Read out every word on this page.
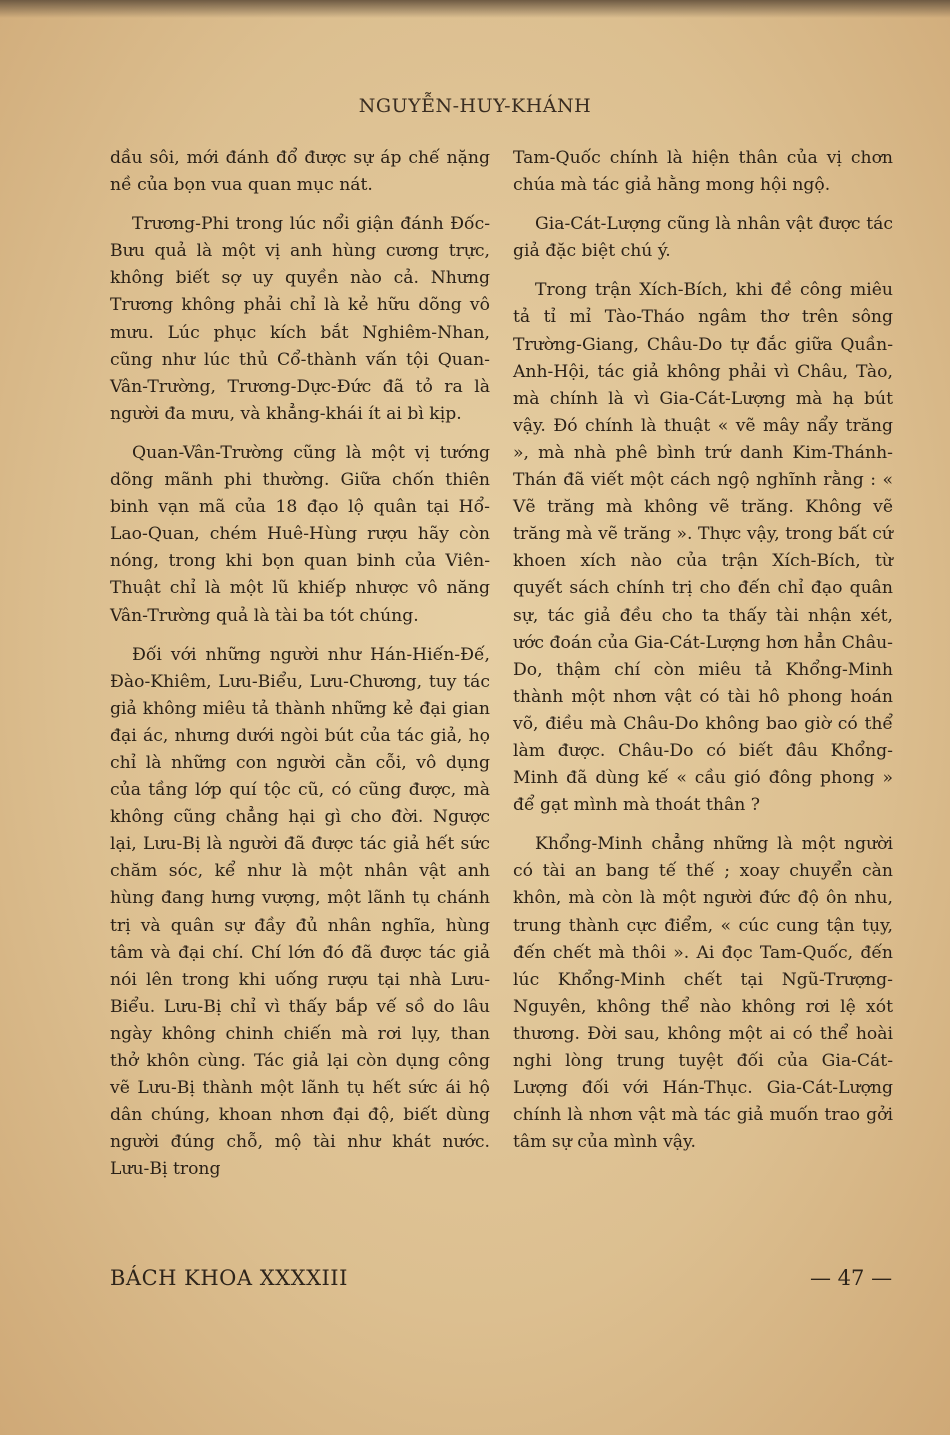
NGUYỄN-HUY-KHÁNH

dầu sôi, mới đánh đổ được sự áp chế nặng nề của bọn vua quan mục nát.

Trương-Phi trong lúc nổi giận đánh Đốc-Bưu quả là một vị anh hùng cương trực, không biết sợ uy quyền nào cả. Nhưng Trương không phải chỉ là kẻ hữu dõng vô mưu. Lúc phục kích bắt Nghiêm-Nhan, cũng như lúc thủ Cổ-thành vấn tội Quan-Vân-Trường, Trương-Dực-Đức đã tỏ ra là người đa mưu, và khẳng-khái ít ai bì kịp.

Quan-Vân-Trường cũng là một vị tướng dõng mãnh phi thường. Giữa chốn thiên binh vạn mã của 18 đạo lộ quân tại Hổ-Lao-Quan, chém Huê-Hùng rượu hãy còn nóng, trong khi bọn quan binh của Viên-Thuật chỉ là một lũ khiếp nhược vô năng Vân-Trường quả là tài ba tót chúng.

Đối với những người như Hán-Hiến-Đế, Đào-Khiêm, Lưu-Biểu, Lưu-Chương, tuy tác giả không miêu tả thành những kẻ đại gian đại ác, nhưng dưới ngòi bút của tác giả, họ chỉ là những con người cằn cỗi, vô dụng của tầng lớp quí tộc cũ, có cũng được, mà không cũng chẳng hại gì cho đời. Ngược lại, Lưu-Bị là người đã được tác giả hết sức chăm sóc, kể như là một nhân vật anh hùng đang hưng vượng, một lãnh tụ chánh trị và quân sự đầy đủ nhân nghĩa, hùng tâm và đại chí. Chí lớn đó đã được tác giả nói lên trong khi uống rượu tại nhà Lưu-Biểu. Lưu-Bị chỉ vì thấy bắp vế sồ do lâu ngày không chinh chiến mà rơi lụy, than thở khôn cùng. Tác giả lại còn dụng công vẽ Lưu-Bị thành một lãnh tụ hết sức ái hộ dân chúng, khoan nhơn đại độ, biết dùng người đúng chỗ, mộ tài như khát nước. Lưu-Bị trong

Tam-Quốc chính là hiện thân của vị chơn chúa mà tác giả hằng mong hội ngộ.

Gia-Cát-Lượng cũng là nhân vật được tác giả đặc biệt chú ý.

Trong trận Xích-Bích, khi đề công miêu tả tỉ mỉ Tào-Tháo ngâm thơ trên sông Trường-Giang, Châu-Do tự đắc giữa Quần-Anh-Hội, tác giả không phải vì Châu, Tào, mà chính là vì Gia-Cát-Lượng mà hạ bút vậy. Đó chính là thuật « vẽ mây nẩy trăng », mà nhà phê bình trứ danh Kim-Thánh-Thán đã viết một cách ngộ nghĩnh rằng : « Vẽ trăng mà không vẽ trăng. Không vẽ trăng mà vẽ trăng ». Thực vậy, trong bất cứ khoen xích nào của trận Xích-Bích, từ quyết sách chính trị cho đến chỉ đạo quân sự, tác giả đều cho ta thấy tài nhận xét, ước đoán của Gia-Cát-Lượng hơn hẳn Châu-Do, thậm chí còn miêu tả Khổng-Minh thành một nhơn vật có tài hô phong hoán võ, điều mà Châu-Do không bao giờ có thể làm được. Châu-Do có biết đâu Khổng-Minh đã dùng kế « cầu gió đông phong » để gạt mình mà thoát thân ?

Khổng-Minh chẳng những là một người có tài an bang tế thế ; xoay chuyển càn khôn, mà còn là một người đức độ ôn nhu, trung thành cực điểm, « cúc cung tận tụy, đến chết mà thôi ». Ai đọc Tam-Quốc, đến lúc Khổng-Minh chết tại Ngũ-Trượng-Nguyên, không thể nào không rơi lệ xót thương. Đời sau, không một ai có thể hoài nghi lòng trung tuyệt đối của Gia-Cát-Lượng đối với Hán-Thục. Gia-Cát-Lượng chính là nhơn vật mà tác giả muốn trao gởi tâm sự của mình vậy.

BÁCH KHOA XXXXIII	— 47 —
